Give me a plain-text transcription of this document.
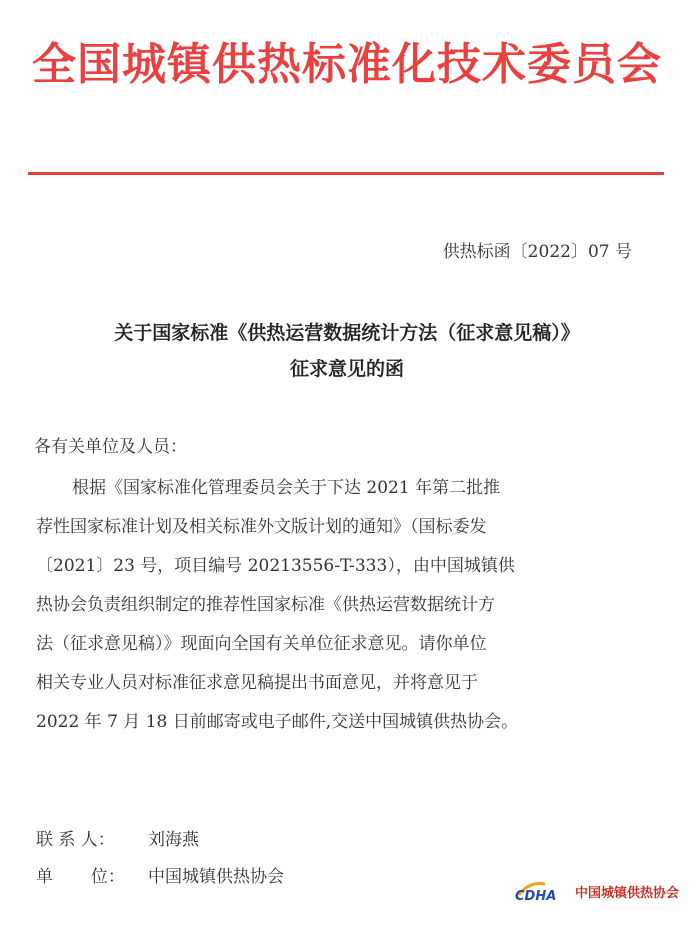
全国城镇供热标准化技术委员会
供热标函〔2022〕07 号
关于国家标准《供热运营数据统计方法（征求意见稿）》
征求意见的函
各有关单位及人员：
根据《国家标准化管理委员会关于下达 2021 年第二批推
荐性国家标准计划及相关标准外文版计划的通知》（国标委发
〔2021〕23 号，项目编号 20213556-T-333），由中国城镇供
热协会负责组织制定的推荐性国家标准《供热运营数据统计方
法（征求意见稿）》现面向全国有关单位征求意见。请你单位
相关专业人员对标准征求意见稿提出书面意见，并将意见于
2022 年 7 月 18 日前邮寄或电子邮件,交送中国城镇供热协会。
联 系 人： 刘海燕
单       位： 中国城镇供热协会
CDHA 中国城镇供热协会
